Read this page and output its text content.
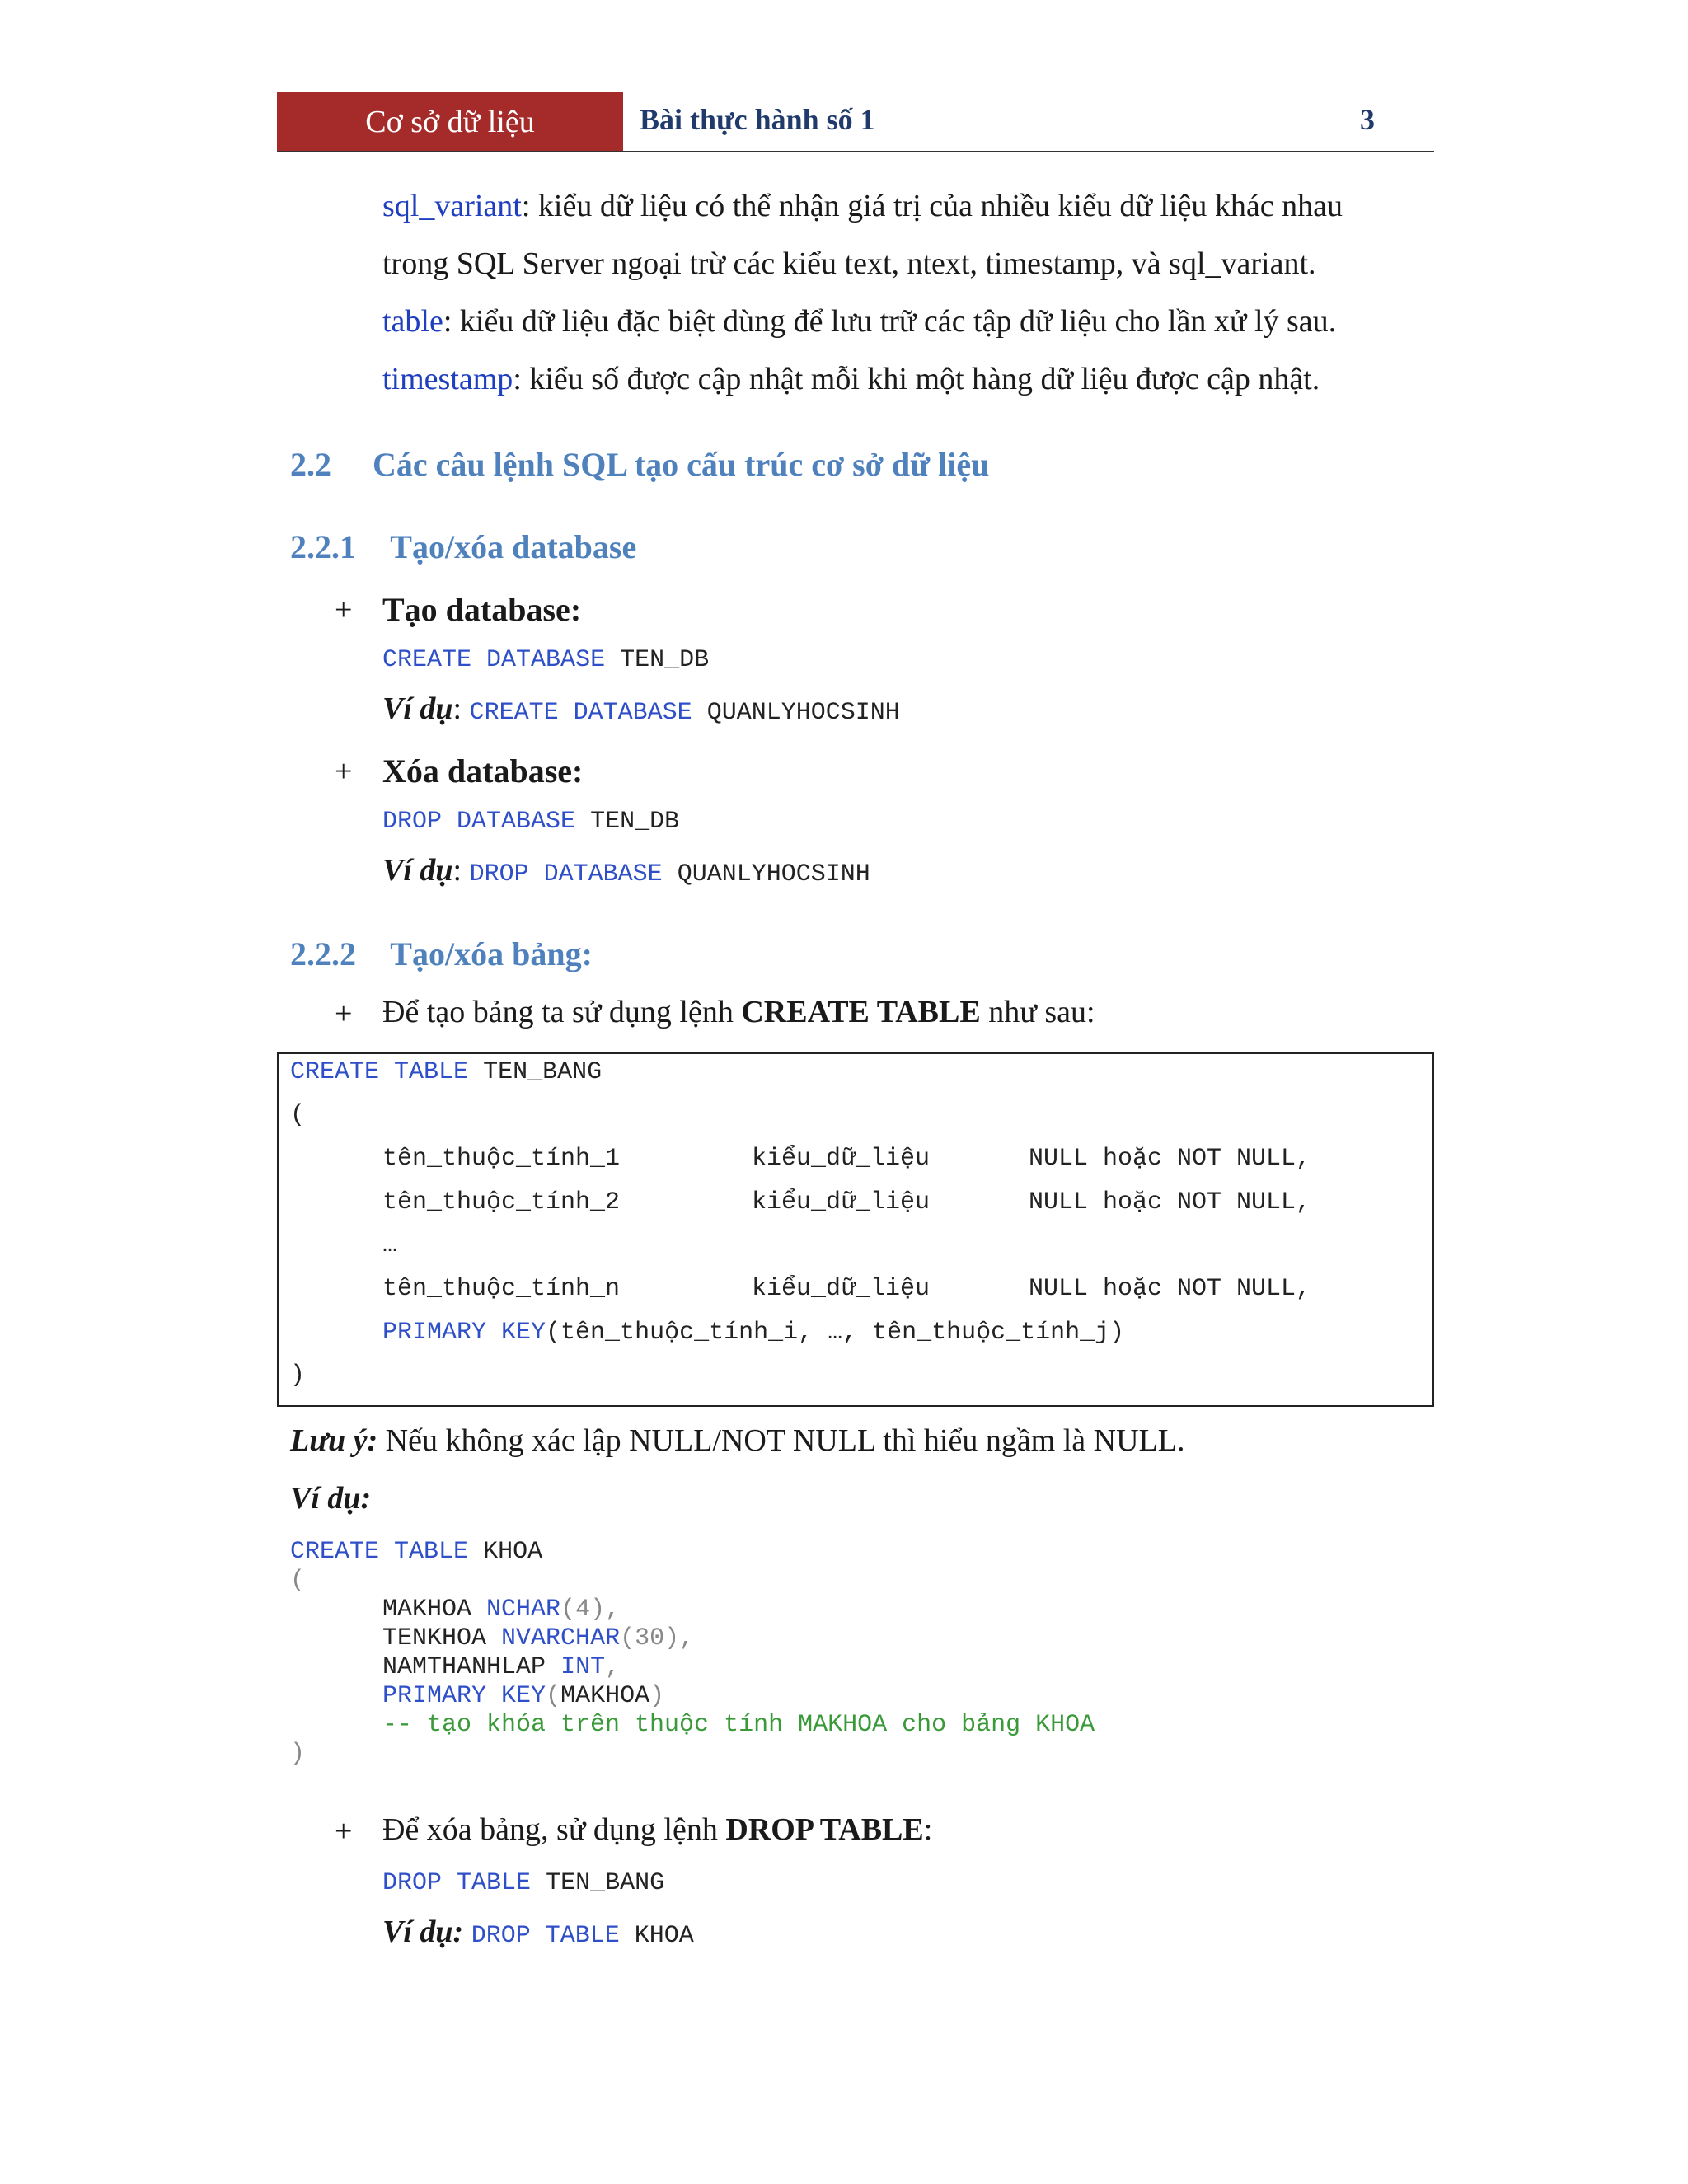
Cơ sở dữ liệu	Bài thực hành số 1	3
sql_variant: kiểu dữ liệu có thể nhận giá trị của nhiều kiểu dữ liệu khác nhau
trong SQL Server ngoại trừ các kiểu text, ntext, timestamp, và sql_variant.
table: kiểu dữ liệu đặc biệt dùng để lưu trữ các tập dữ liệu cho lần xử lý sau.
timestamp: kiểu số được cập nhật mỗi khi một hàng dữ liệu được cập nhật.
2.2 Các câu lệnh SQL tạo cấu trúc cơ sở dữ liệu
2.2.1 Tạo/xóa database
+ Tạo database:
CREATE DATABASE TEN_DB
Ví dụ: CREATE DATABASE QUANLYHOCSINH
+ Xóa database:
DROP DATABASE TEN_DB
Ví dụ: DROP DATABASE QUANLYHOCSINH
2.2.2 Tạo/xóa bảng:
+ Để tạo bảng ta sử dụng lệnh CREATE TABLE như sau:
CREATE TABLE TEN_BANG
(
tên_thuộc_tính_1	kiểu_dữ_liệu	NULL hoặc NOT NULL,
tên_thuộc_tính_2	kiểu_dữ_liệu	NULL hoặc NOT NULL,
…
tên_thuộc_tính_n	kiểu_dữ_liệu	NULL hoặc NOT NULL,
PRIMARY KEY(tên_thuộc_tính_i, …, tên_thuộc_tính_j)
)
Lưu ý: Nếu không xác lập NULL/NOT NULL thì hiểu ngầm là NULL.
Ví dụ:
CREATE TABLE KHOA
(
MAKHOA NCHAR(4),
TENKHOA NVARCHAR(30),
NAMTHANHLAP INT,
PRIMARY KEY(MAKHOA)
-- tạo khóa trên thuộc tính MAKHOA cho bảng KHOA
)
+ Để xóa bảng, sử dụng lệnh DROP TABLE:
DROP TABLE TEN_BANG
Ví dụ: DROP TABLE KHOA
